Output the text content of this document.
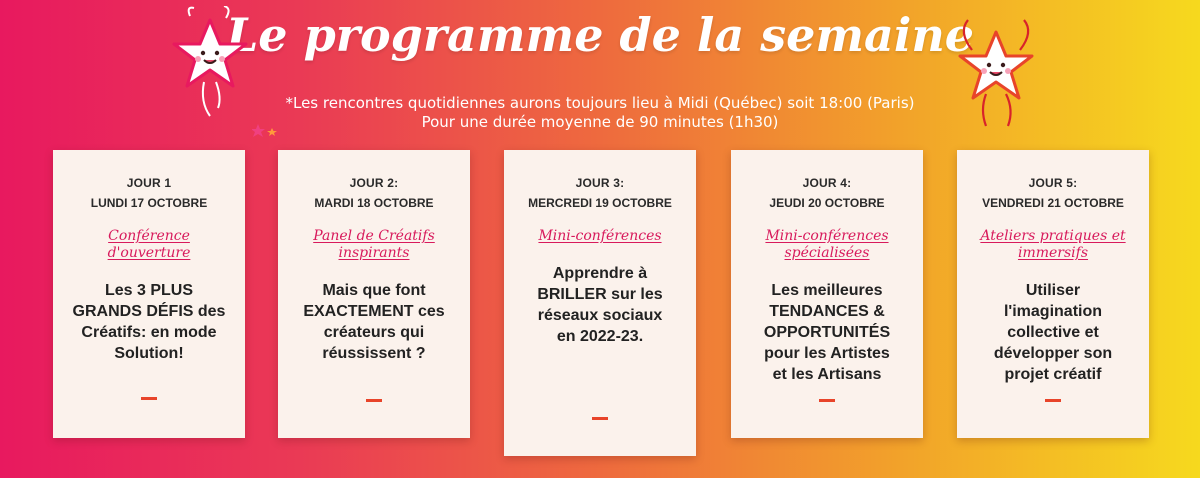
Le programme de la semaine
*Les rencontres quotidiennes aurons toujours lieu à Midi (Québec) soit 18:00 (Paris)
Pour une durée moyenne de 90 minutes (1h30)
JOUR 1
LUNDI 17 OCTOBRE
Conférence d'ouverture
Les 3 PLUS
GRANDS DÉFIS des
Créatifs: en mode
Solution!
JOUR 2:
MARDI 18 OCTOBRE
Panel de Créatifs inspirants
Mais que font
EXACTEMENT ces
créateurs qui
réussissent ?
JOUR 3:
MERCREDI 19 OCTOBRE
Mini-conférences
Apprendre à
BRILLER sur les
réseaux sociaux
en 2022-23.
JOUR 4:
JEUDI 20 OCTOBRE
Mini-conférences spécialisées
Les meilleures
TENDANCES &
OPPORTUNITÉS
pour les Artistes
et les Artisans
JOUR 5:
VENDREDI 21 OCTOBRE
Ateliers pratiques et immersifs
Utiliser
l'imagination
collective et
développer son
projet créatif
